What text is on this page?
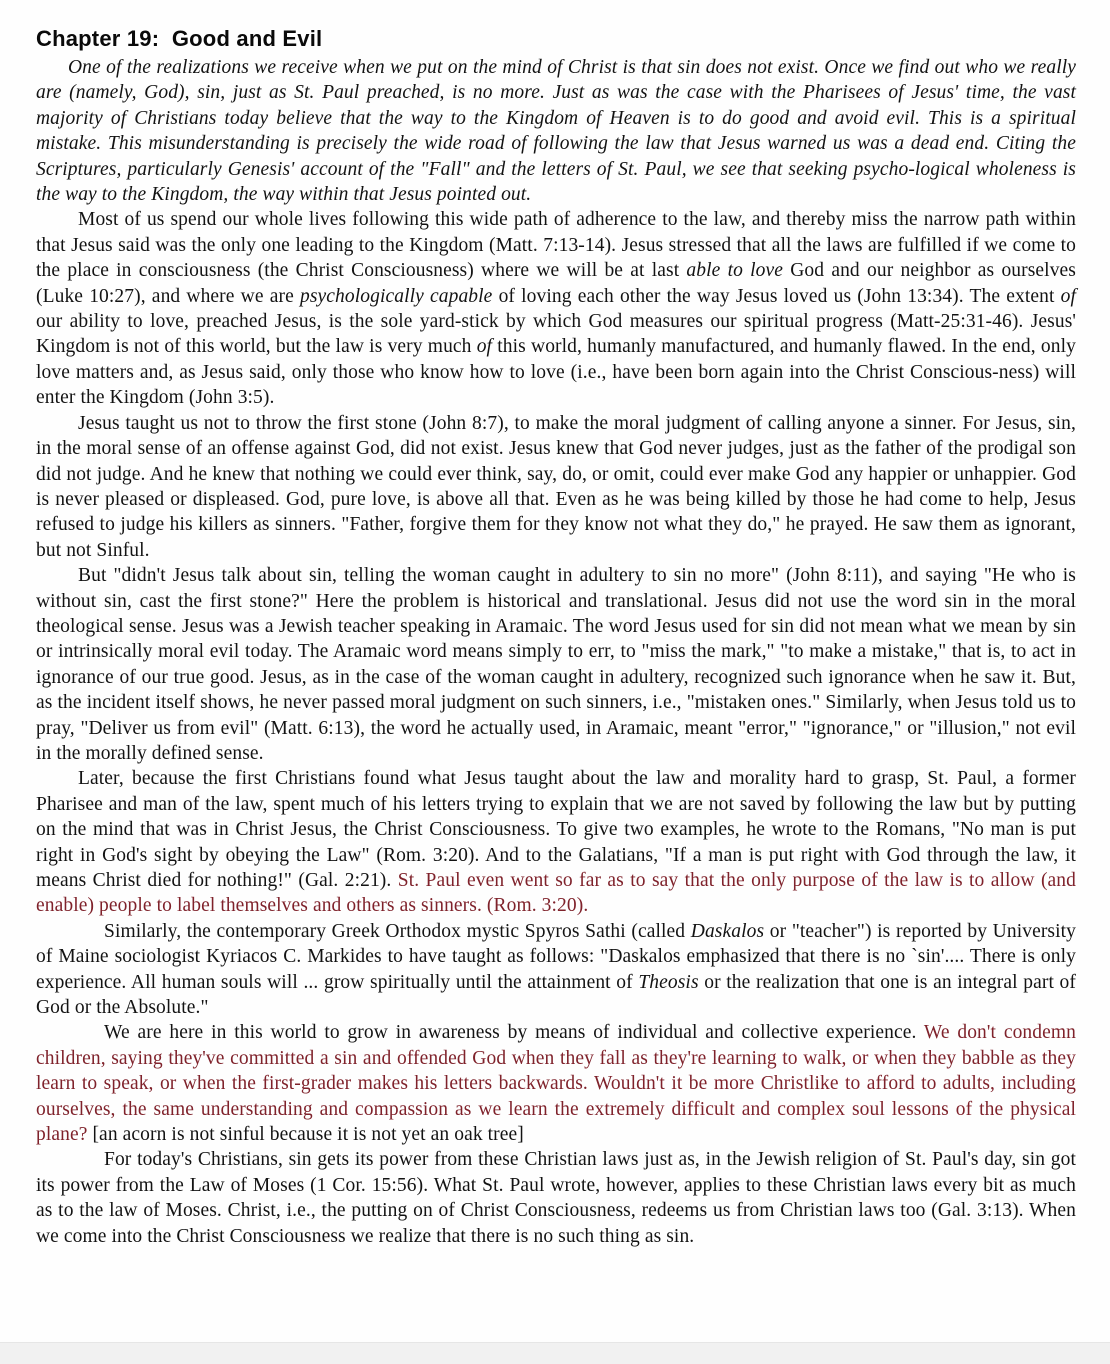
Chapter 19:  Good and Evil

One of the realizations we receive when we put on the mind of Christ is that sin does not exist. Once we find out who we really are (namely, God), sin, just as St. Paul preached, is no more. Just as was the case with the Pharisees of Jesus' time, the vast majority of Christians today believe that the way to the Kingdom of Heaven is to do good and avoid evil. This is a spiritual mistake. This misunderstanding is precisely the wide road of following the law that Jesus warned us was a dead end. Citing the Scriptures, particularly Genesis' account of the "Fall" and the letters of St. Paul, we see that seeking psycho-logical wholeness is the way to the Kingdom, the way within that Jesus pointed out.

Most of us spend our whole lives following this wide path of adherence to the law, and thereby miss the narrow path within that Jesus said was the only one leading to the Kingdom (Matt. 7:13-14). Jesus stressed that all the laws are fulfilled if we come to the place in consciousness (the Christ Consciousness) where we will be at last able to love God and our neighbor as ourselves (Luke 10:27), and where we are psychologically capable of loving each other the way Jesus loved us (John 13:34). The extent of our ability to love, preached Jesus, is the sole yard-stick by which God measures our spiritual progress (Matt-25:31-46). Jesus' Kingdom is not of this world, but the law is very much of this world, humanly manufactured, and humanly flawed. In the end, only love matters and, as Jesus said, only those who know how to love (i.e., have been born again into the Christ Conscious-ness) will enter the Kingdom (John 3:5).

Jesus taught us not to throw the first stone (John 8:7), to make the moral judgment of calling anyone a sinner. For Jesus, sin, in the moral sense of an offense against God, did not exist. Jesus knew that God never judges, just as the father of the prodigal son did not judge. And he knew that nothing we could ever think, say, do, or omit, could ever make God any happier or unhappier. God is never pleased or displeased. God, pure love, is above all that. Even as he was being killed by those he had come to help, Jesus refused to judge his killers as sinners. "Father, forgive them for they know not what they do," he prayed. He saw them as ignorant, but not Sinful.

But "didn't Jesus talk about sin, telling the woman caught in adultery to sin no more" (John 8:11), and saying "He who is without sin, cast the first stone?" Here the problem is historical and translational. Jesus did not use the word sin in the moral theological sense. Jesus was a Jewish teacher speaking in Aramaic. The word Jesus used for sin did not mean what we mean by sin or intrinsically moral evil today. The Aramaic word means simply to err, to "miss the mark," "to make a mistake," that is, to act in ignorance of our true good. Jesus, as in the case of the woman caught in adultery, recognized such ignorance when he saw it. But, as the incident itself shows, he never passed moral judgment on such sinners, i.e., "mistaken ones." Similarly, when Jesus told us to pray, "Deliver us from evil" (Matt. 6:13), the word he actually used, in Aramaic, meant "error," "ignorance," or "illusion," not evil in the morally defined sense.

Later, because the first Christians found what Jesus taught about the law and morality hard to grasp, St. Paul, a former Pharisee and man of the law, spent much of his letters trying to explain that we are not saved by following the law but by putting on the mind that was in Christ Jesus, the Christ Consciousness. To give two examples, he wrote to the Romans, "No man is put right in God's sight by obeying the Law" (Rom. 3:20). And to the Galatians, "If a man is put right with God through the law, it means Christ died for nothing!" (Gal. 2:21). St. Paul even went so far as to say that the only purpose of the law is to allow (and enable) people to label themselves and others as sinners. (Rom. 3:20).

Similarly, the contemporary Greek Orthodox mystic Spyros Sathi (called Daskalos or "teacher") is reported by University of Maine sociologist Kyriacos C. Markides to have taught as follows: "Daskalos emphasized that there is no `sin'.... There is only experience. All human souls will ... grow spiritually until the attainment of Theosis or the realization that one is an integral part of God or the Absolute."

We are here in this world to grow in awareness by means of individual and collective experience. We don't condemn children, saying they've committed a sin and offended God when they fall as they're learning to walk, or when they babble as they learn to speak, or when the first-grader makes his letters backwards. Wouldn't it be more Christlike to afford to adults, including ourselves, the same understanding and compassion as we learn the extremely difficult and complex soul lessons of the physical plane? [an acorn is not sinful because it is not yet an oak tree]

For today's Christians, sin gets its power from these Christian laws just as, in the Jewish religion of St. Paul's day, sin got its power from the Law of Moses (1 Cor. 15:56). What St. Paul wrote, however, applies to these Christian laws every bit as much as to the law of Moses. Christ, i.e., the putting on of Christ Consciousness, redeems us from Christian laws too (Gal. 3:13). When we come into the Christ Consciousness we realize that there is no such thing as sin.
